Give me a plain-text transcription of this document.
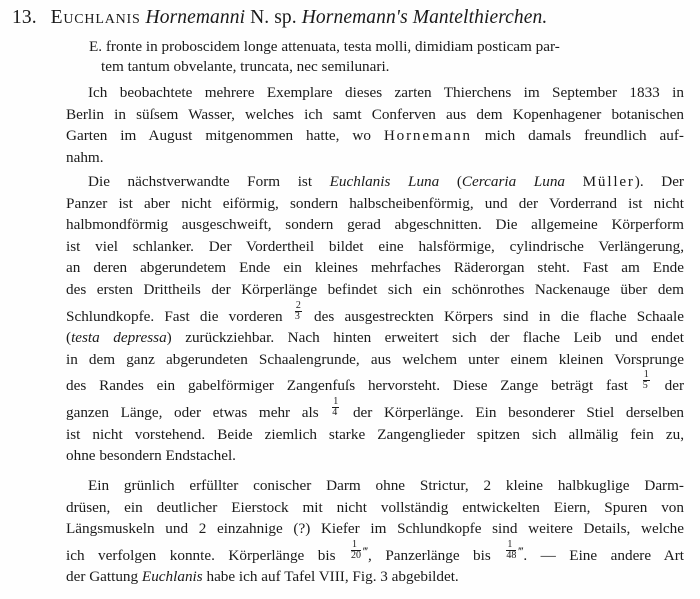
13. Euchlanis Hornemanni N. sp. Hornemann's Mantelthierchen.
E. fronte in proboscidem longe attenuata, testa molli, dimidiam posticam par-
tem tantum obvelante, truncata, nec semilunari.
Ich beobachtete mehrere Exemplare dieses zarten Thierchens im September 1833 in
Berlin in süſsem Wasser, welches ich samt Conferven aus dem Kopenhagener botanischen
Garten im August mitgenommen hatte, wo Hornemann mich damals freundlich auf-
nahm.
Die nächstverwandte Form ist Euchlanis Luna (Cercaria Luna Müller). Der
Panzer ist aber nicht eiförmig, sondern halbscheibenförmig, und der Vorderrand ist nicht
halbmondförmig ausgeschweift, sondern gerad abgeschnitten. Die allgemeine Körperform
ist viel schlanker. Der Vordertheil bildet eine halsförmige, cylindrische Verlängerung,
an deren abgerundetem Ende ein kleines mehrfaches Räderorgan steht. Fast am Ende
des ersten Drittheils der Körperlänge befindet sich ein schönrothes Nackenauge über dem
Schlundkopfe. Fast die vorderen $\frac{2}{3}$ des ausgestreckten Körpers sind in die flache Schaale
(testa depressa) zurückziehbar. Nach hinten erweitert sich der flache Leib und endet
in dem ganz abgerundeten Schaalengrunde, aus welchem unter einem kleinen Vorsprunge
des Randes ein gabelförmiger Zangenfuſs hervorsteht. Diese Zange beträgt fast $\frac{1}{5}$ der
ganzen Länge, oder etwas mehr als $\frac{1}{4}$ der Körperlänge. Ein besonderer Stiel derselben
ist nicht vorstehend. Beide ziemlich starke Zangenglieder spitzen sich allmälig fein zu,
ohne besondern Endstachel.
Ein grünlich erfüllter conischer Darm ohne Strictur, 2 kleine halbkuglige Darm-
drüsen, ein deutlicher Eierstock mit nicht vollständig entwickelten Eiern, Spuren von
Längsmuskeln und 2 einzahnige (?) Kiefer im Schlundkopfe sind weitere Details, welche
ich verfolgen konnte. Körperlänge bis $\frac{1}{20} ^‴$, Panzerlänge bis $\frac{1}{48} ^‴$. — Eine andere Art
der Gattung Euchlanis habe ich auf Tafel VIII, Fig. 3 abgebildet.
